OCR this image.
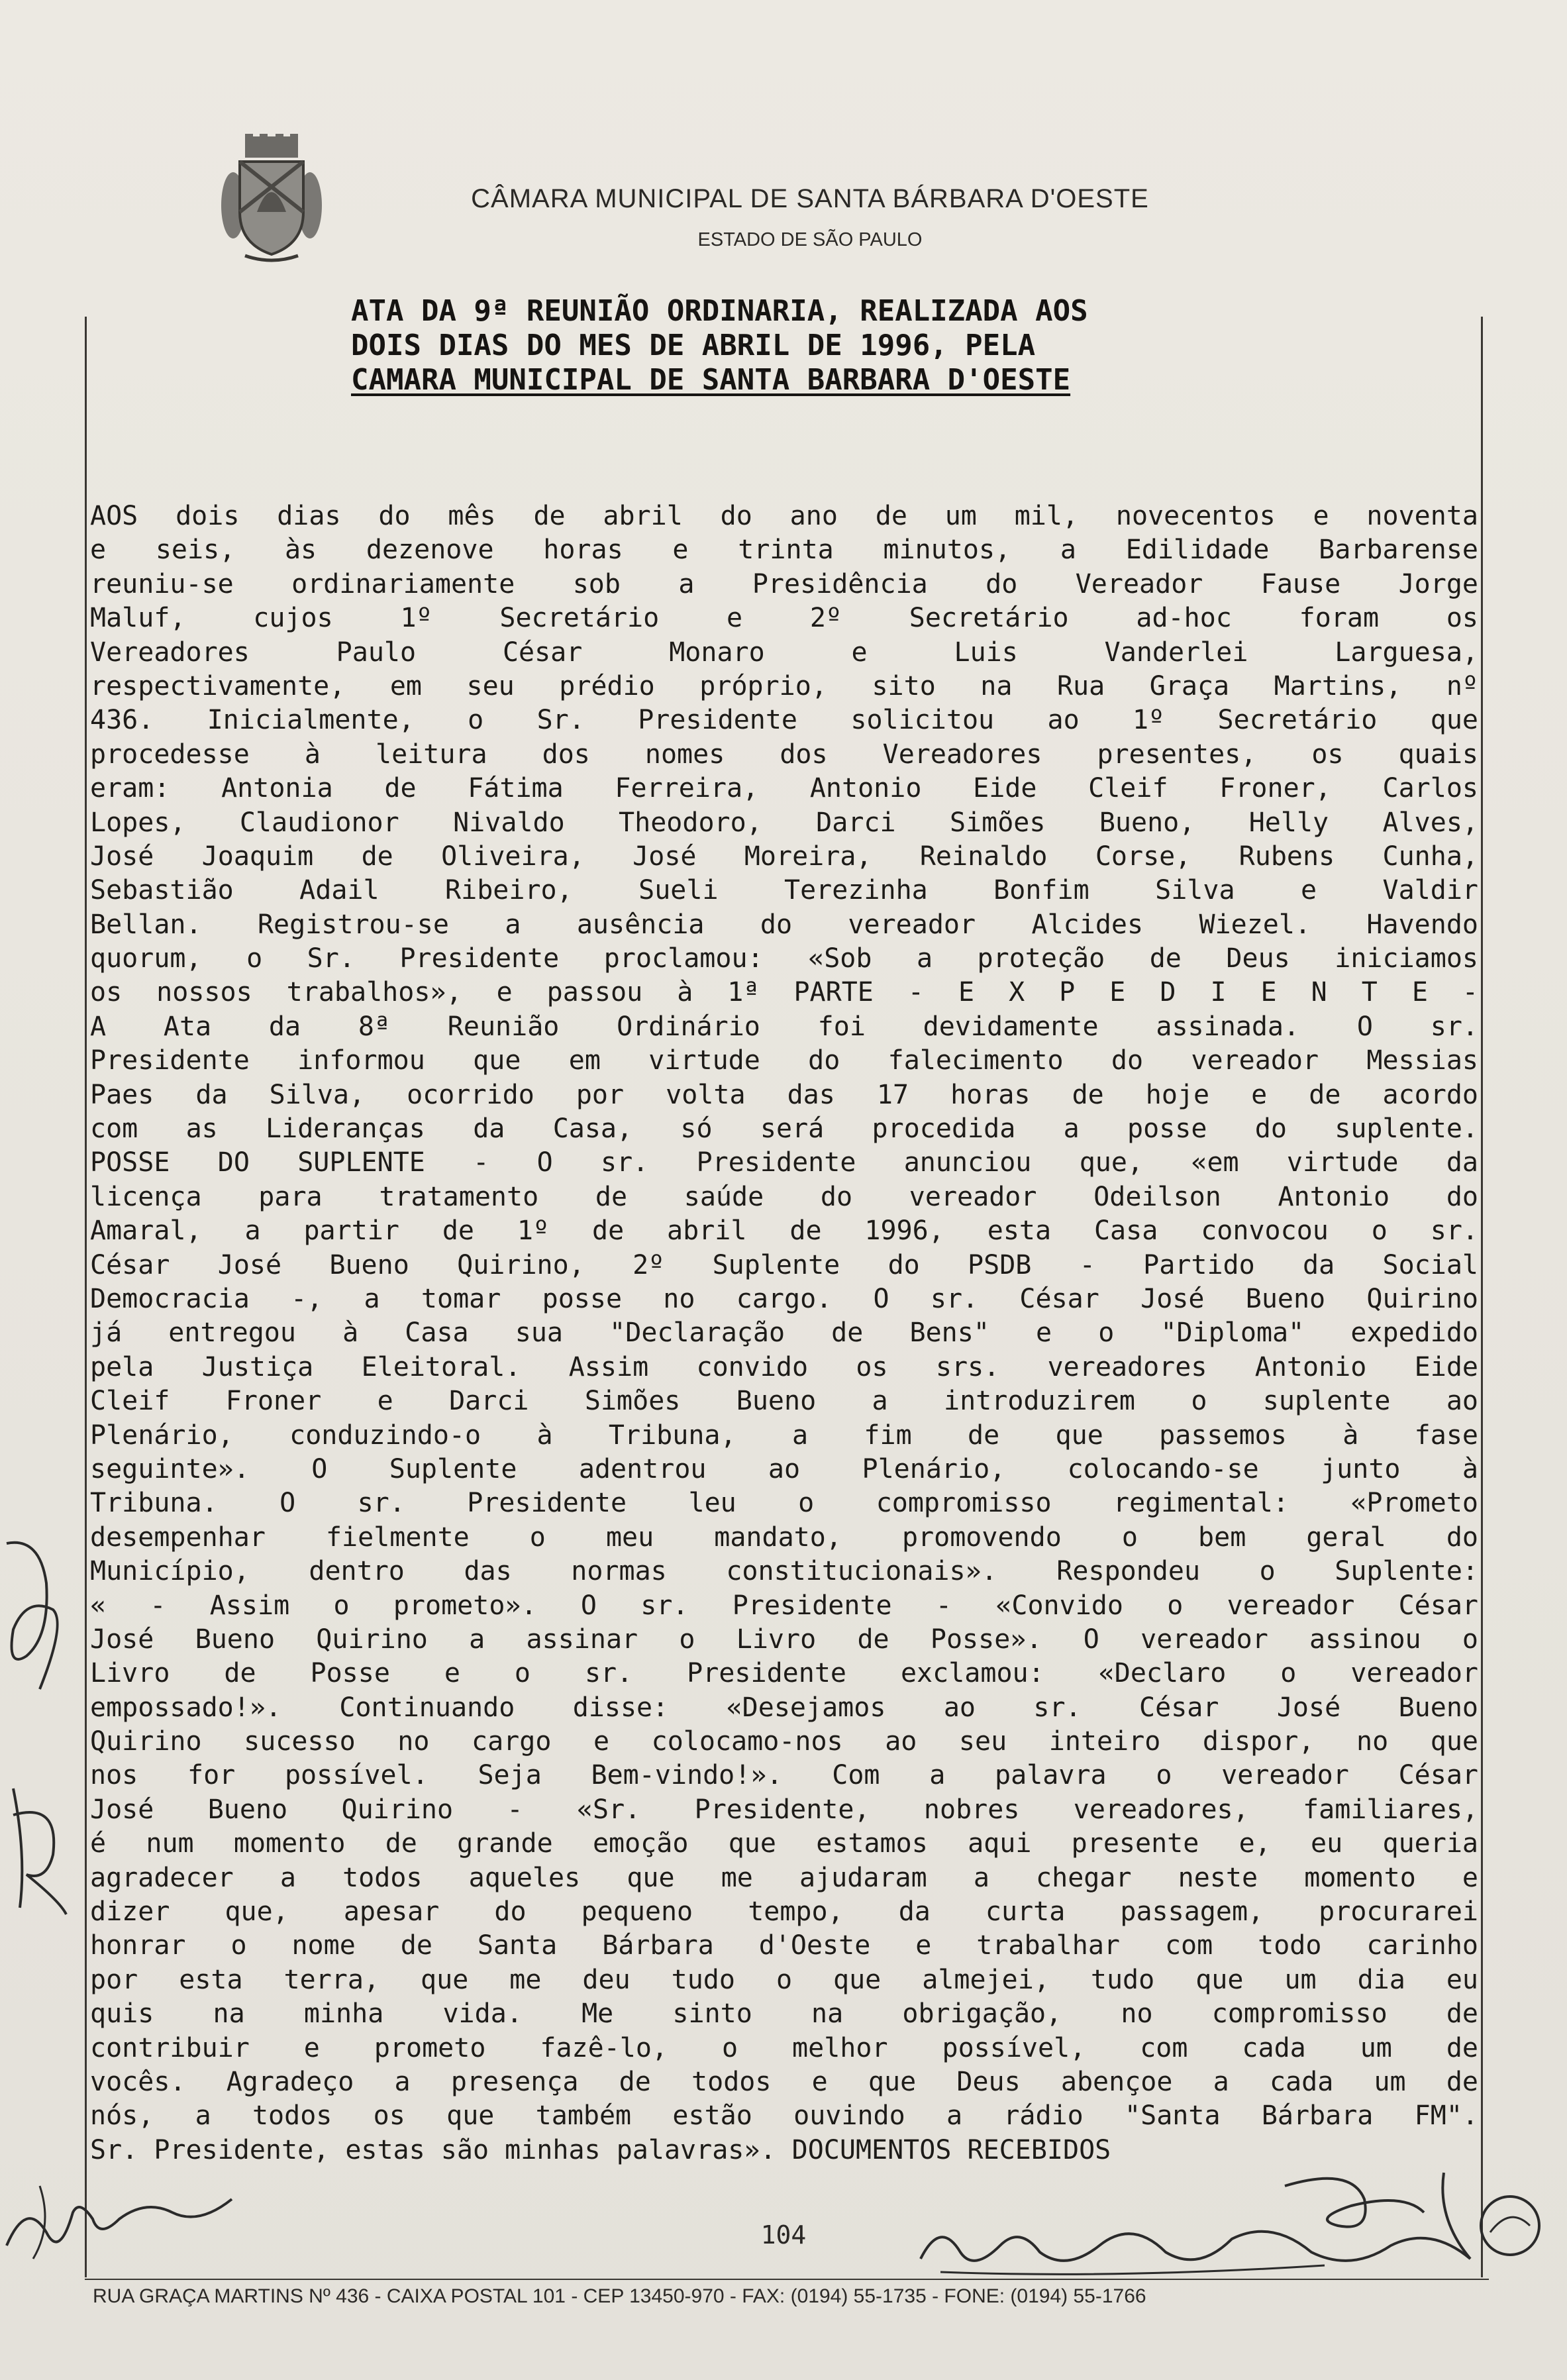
CÂMARA MUNICIPAL DE SANTA BÁRBARA D'OESTE
ESTADO DE SÃO PAULO
ATA DA 9ª REUNIÃO ORDINARIA, REALIZADA AOS
DOIS DIAS DO MES DE ABRIL DE 1996, PELA
CAMARA MUNICIPAL DE SANTA BARBARA D'OESTE
AOS dois dias do mês de abril do ano de um mil, novecentos e noventa
e seis, às dezenove horas e trinta minutos, a Edilidade Barbarense
reuniu-se ordinariamente sob a Presidência do Vereador Fause Jorge
Maluf, cujos 1º Secretário e 2º Secretário ad-hoc foram os
Vereadores Paulo César Monaro e Luis Vanderlei Larguesa,
respectivamente, em seu prédio próprio, sito na Rua Graça Martins, nº
436. Inicialmente, o Sr. Presidente solicitou ao 1º Secretário que
procedesse à leitura dos nomes dos Vereadores presentes, os quais
eram: Antonia de Fátima Ferreira, Antonio Eide Cleif Froner, Carlos
Lopes, Claudionor Nivaldo Theodoro, Darci Simões Bueno, Helly Alves,
José Joaquim de Oliveira, José Moreira, Reinaldo Corse, Rubens Cunha,
Sebastião Adail Ribeiro, Sueli Terezinha Bonfim Silva e Valdir
Bellan. Registrou-se a ausência do vereador Alcides Wiezel. Havendo
quorum, o Sr. Presidente proclamou: «Sob a proteção de Deus iniciamos
os nossos trabalhos», e passou à 1ª PARTE - E X P E D I E N T E -
A Ata da 8ª Reunião Ordinário foi devidamente assinada. O sr.
Presidente informou que em virtude do falecimento do vereador Messias
Paes da Silva, ocorrido por volta das 17 horas de hoje e de acordo
com as Lideranças da Casa, só será procedida a posse do suplente.
POSSE DO SUPLENTE - O sr. Presidente anunciou que, «em virtude da
licença para tratamento de saúde do vereador Odeilson Antonio do
Amaral, a partir de 1º de abril de 1996, esta Casa convocou o sr.
César José Bueno Quirino, 2º Suplente do PSDB - Partido da Social
Democracia -, a tomar posse no cargo. O sr. César José Bueno Quirino
já entregou à Casa sua "Declaração de Bens" e o "Diploma" expedido
pela Justiça Eleitoral. Assim convido os srs. vereadores Antonio Eide
Cleif Froner e Darci Simões Bueno a introduzirem o suplente ao
Plenário, conduzindo-o à Tribuna, a fim de que passemos à fase
seguinte». O Suplente adentrou ao Plenário, colocando-se junto à
Tribuna. O sr. Presidente leu o compromisso regimental: «Prometo
desempenhar fielmente o meu mandato, promovendo o bem geral do
Município, dentro das normas constitucionais». Respondeu o Suplente:
« - Assim o prometo». O sr. Presidente - «Convido o vereador César
José Bueno Quirino a assinar o Livro de Posse». O vereador assinou o
Livro de Posse e o sr. Presidente exclamou: «Declaro o vereador
empossado!». Continuando disse: «Desejamos ao sr. César José Bueno
Quirino sucesso no cargo e colocamo-nos ao seu inteiro dispor, no que
nos for possível. Seja Bem-vindo!». Com a palavra o vereador César
José Bueno Quirino - «Sr. Presidente, nobres vereadores, familiares,
é num momento de grande emoção que estamos aqui presente e, eu queria
agradecer a todos aqueles que me ajudaram a chegar neste momento e
dizer que, apesar do pequeno tempo, da curta passagem, procurarei
honrar o nome de Santa Bárbara d'Oeste e trabalhar com todo carinho
por esta terra, que me deu tudo o que almejei, tudo que um dia eu
quis na minha vida. Me sinto na obrigação, no compromisso de
contribuir e prometo fazê-lo, o melhor possível, com cada um de
vocês. Agradeço a presença de todos e que Deus abençoe a cada um de
nós, a todos os que também estão ouvindo a rádio "Santa Bárbara FM".
Sr. Presidente, estas são minhas palavras». DOCUMENTOS RECEBIDOS
104
RUA GRAÇA MARTINS Nº 436 - CAIXA POSTAL 101 - CEP 13450-970 - FAX: (0194) 55-1735 - FONE: (0194) 55-1766
